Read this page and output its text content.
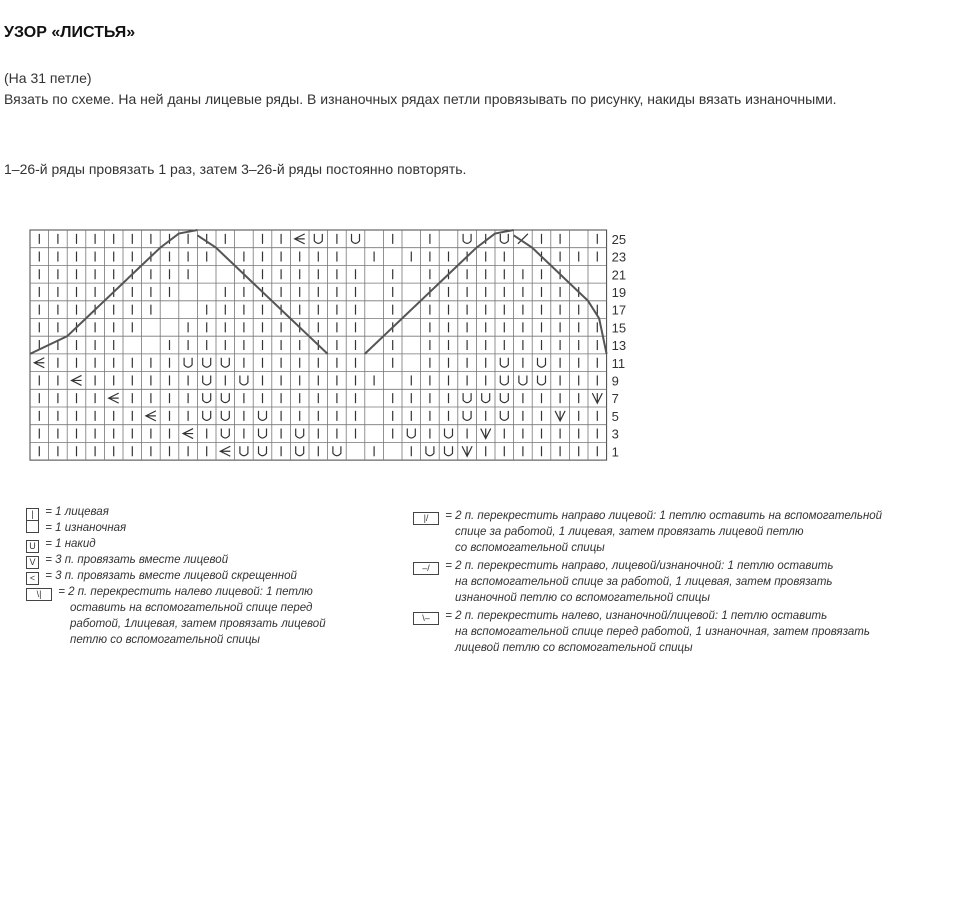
УЗОР «ЛИСТЬЯ»

(На 31 петле)

Вязать по схеме. На ней даны лицевые ряды. В изнаночных рядах петли провязывать по рисунку, накиды вязать изнаночными.

1–26-й ряды провязать 1 раз, затем 3–26-й ряды постоянно повторять.

25
23
21
19
17
15
13
11
9
7
5
3
1
| = 1 лицевая
= 1 изнаночная
U = 1 накид
V = 3 п. провязать вместе лицевой
< = 3 п. провязать вместе лицевой скрещенной
\| = 2 п. перекрестить налево лицевой: 1 петлю
оставить на вспомогательной спице перед
работой, 1лицевая, затем провязать лицевой
петлю со вспомогательной спицы
|/ = 2 п. перекрестить направо лицевой: 1 петлю оставить на вспомогательной
спице за работой, 1 лицевая, затем провязать лицевой петлю
со вспомогательной спицы
–/ = 2 п. перекрестить направо, лицевой/изнаночной: 1 петлю оставить
на вспомогательной спице за работой, 1 лицевая, затем провязать
изнаночной петлю со вспомогательной спицы
\– = 2 п. перекрестить налево, изнаночной/лицевой: 1 петлю оставить
на вспомогательной спице перед работой, 1 изнаночная, затем провязать
лицевой петлю со вспомогательной спицы
